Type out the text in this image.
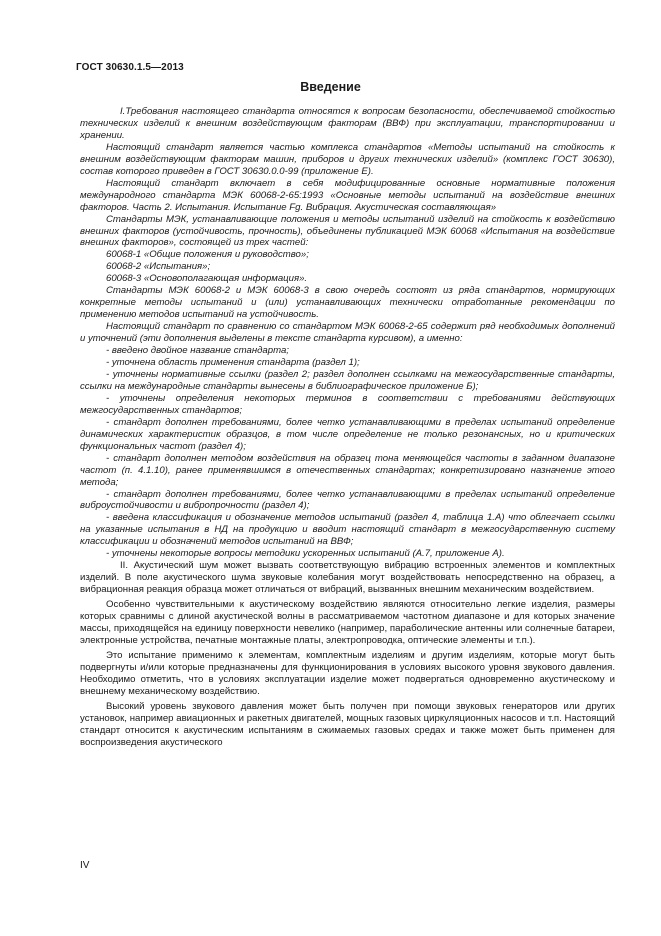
ГОСТ 30630.1.5—2013
Введение

I.Требования настоящего стандарта относятся к вопросам безопасности, обеспечиваемой стойкостью технических изделий к внешним воздействующим факторам (ВВФ) при эксплуатации, транспортировании и хранении.

Настоящий стандарт является частью комплекса стандартов «Методы испытаний на стойкость к внешним воздействующим факторам машин, приборов и других технических изделий» (комплекс ГОСТ 30630), состав которого приведен в ГОСТ 30630.0.0-99 (приложение Е).

Настоящий стандарт включает в себя модифицированные основные нормативные положения международного стандарта МЭК 60068-2-65:1993 «Основные методы испытаний на воздействие внешних факторов. Часть 2. Испытания. Испытание Fg. Вибрация. Акустическая составляющая»

Стандарты МЭК, устанавливающие положения и методы испытаний изделий на стойкость к воздействию внешних факторов (устойчивость, прочность), объединены публикацией МЭК 60068 «Испытания на воздействие внешних факторов», состоящей из трех частей:

60068-1 «Общие положения и руководство»;

60068-2 «Испытания»;

60068-3 «Основополагающая информация».

Стандарты МЭК 60068-2 и МЭК 60068-3 в свою очередь состоят из ряда стандартов, нормирующих конкретные методы испытаний и (или) устанавливающих технически отработанные рекомендации по применению методов испытаний на устойчивость.

Настоящий стандарт по сравнению со стандартом МЭК 60068-2-65 содержит ряд необходимых дополнений и уточнений (эти дополнения выделены в тексте стандарта курсивом), а именно:

- введено двойное название стандарта;

- уточнена область применения стандарта (раздел 1);

- уточнены нормативные ссылки (раздел 2; раздел дополнен ссылками на межгосударственные стандарты, ссылки на международные стандарты вынесены в библиографическое приложение Б);

- уточнены определения некоторых терминов в соответствии с требованиями действующих межгосударственных стандартов;

- стандарт дополнен требованиями, более четко устанавливающими в пределах испытаний определение динамических характеристик образцов, в том числе определение не только резонансных, но и критических функциональных частот (раздел 4);

- стандарт дополнен методом воздействия на образец тона меняющейся частоты в заданном диапазоне частот (п. 4.1.10), ранее применявшимся в отечественных стандартах; конкретизировано назначение этого метода;

- стандарт дополнен требованиями, более четко устанавливающими в пределах испытаний определение виброустойчивости и вибропрочности (раздел 4);

- введена классификация и обозначение методов испытаний (раздел 4, таблица 1.А) что облегчает ссылки на указанные испытания в НД на продукцию и вводит настоящий стандарт в межгосударственную систему классификации и обозначений методов испытаний на ВВФ;

- уточнены некоторые вопросы методики ускоренных испытаний (А.7, приложение А).

II. Акустический шум может вызвать соответствующую вибрацию встроенных элементов и комплектных изделий. В поле акустического шума звуковые колебания могут воздействовать непосредственно на образец, а вибрационная реакция образца может отличаться от вибраций, вызванных внешним механическим воздействием.

Особенно чувствительными к акустическому воздействию являются относительно легкие изделия, размеры которых сравнимы с длиной акустической волны в рассматриваемом частотном диапазоне и для которых значение массы, приходящейся на единицу поверхности невелико (например, параболические антенны или солнечные батареи, электронные устройства, печатные монтажные платы, электропроводка, оптические элементы и т.п.).

Это испытание применимо к элементам, комплектным изделиям и другим изделиям, которые могут быть подвергнуты и/или которые предназначены для функционирования в условиях высокого уровня звукового давления. Необходимо отметить, что в условиях эксплуатации изделие может подвергаться одновременно акустическому и внешнему механическому воздействию.

Высокий уровень звукового давления может быть получен при помощи звуковых генераторов или других установок, например авиационных и ракетных двигателей, мощных газовых циркуляционных насосов и т.п. Настоящий стандарт относится к акустическим испытаниям в сжимаемых газовых средах и также может быть применен для воспроизведения акустического

IV
